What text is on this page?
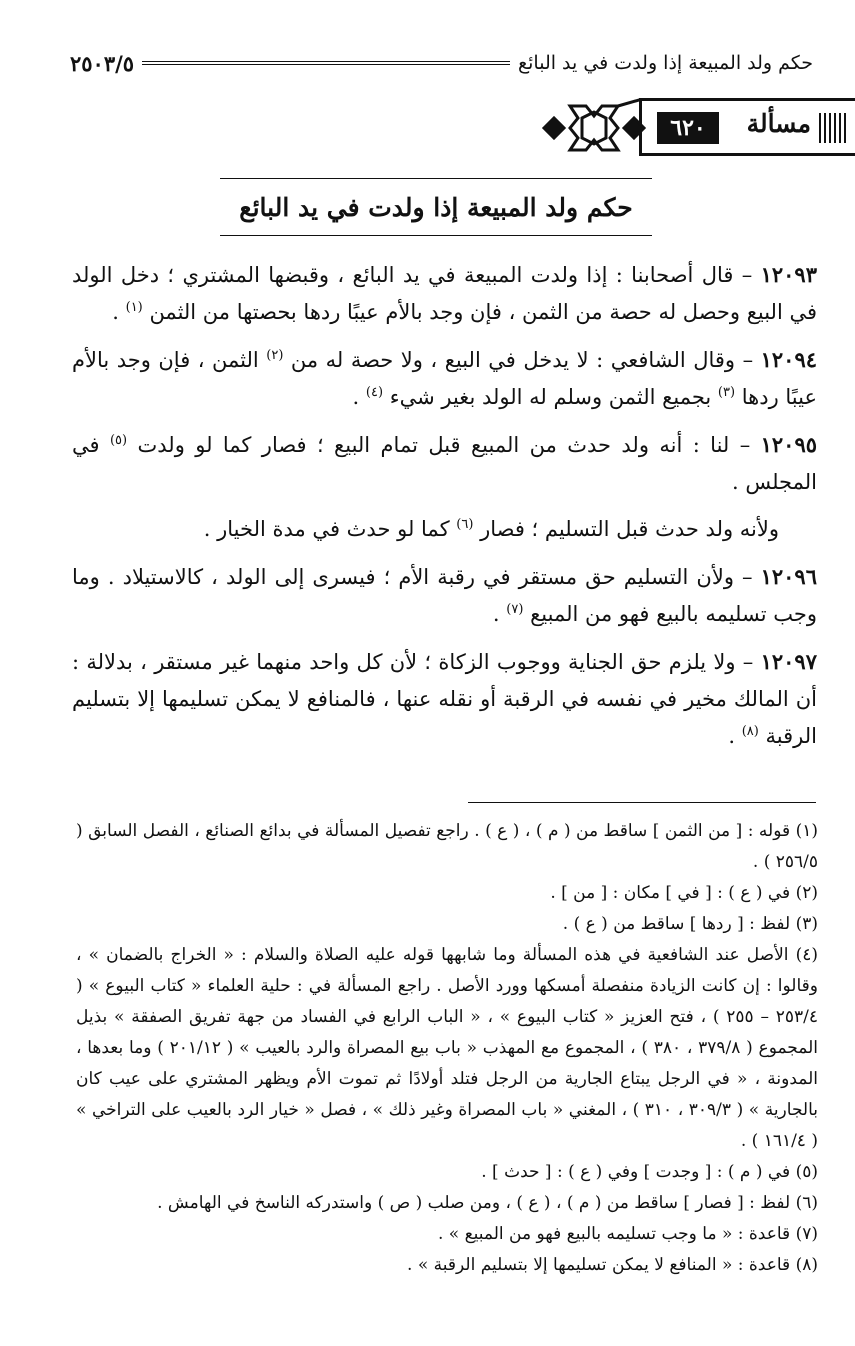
حكم ولد المبيعة إذا ولدت في يد البائع
٢٥٠٣/٥
مسألة
٦٢٠
حكم ولد المبيعة إذا ولدت في يد البائع

١٢٠٩٣ – قال أصحابنا : إذا ولدت المبيعة في يد البائع ، وقبضها المشتري ؛ دخل الولد في البيع وحصل له حصة من الثمن ، فإن وجد بالأم عيبًا ردها بحصتها من الثمن $^{(١)}$ .

١٢٠٩٤ – وقال الشافعي : لا يدخل في البيع ، ولا حصة له من $^{(٢)}$ الثمن ، فإن وجد بالأم عيبًا ردها $^{(٣)}$ بجميع الثمن وسلم له الولد بغير شيء $^{(٤)}$ .

١٢٠٩٥ – لنا : أنه ولد حدث من المبيع قبل تمام البيع ؛ فصار كما لو ولدت $^{(٥)}$ في المجلس .

ولأنه ولد حدث قبل التسليم ؛ فصار $^{(٦)}$ كما لو حدث في مدة الخيار .

١٢٠٩٦ – ولأن التسليم حق مستقر في رقبة الأم ؛ فيسرى إلى الولد ، كالاستيلاد . وما وجب تسليمه بالبيع فهو من المبيع $^{(٧)}$ .

١٢٠٩٧ – ولا يلزم حق الجناية ووجوب الزكاة ؛ لأن كل واحد منهما غير مستقر ، بدلالة : أن المالك مخير في نفسه في الرقبة أو نقله عنها ، فالمنافع لا يمكن تسليمها إلا بتسليم الرقبة $^{(٨)}$ .

(١) قوله : [ من الثمن ] ساقط من ( م ) ، ( ع ) . راجع تفصيل المسألة في بدائع الصنائع ، الفصل السابق ( ٢٥٦/٥ ) .

(٢) في ( ع ) : [ في ] مكان : [ من ] .

(٣) لفظ : [ ردها ] ساقط من ( ع ) .

(٤) الأصل عند الشافعية في هذه المسألة وما شابهها قوله عليه الصلاة والسلام : « الخراج بالضمان » ، وقالوا : إن كانت الزيادة منفصلة أمسكها وورد الأصل . راجع المسألة في : حلية العلماء « كتاب البيوع » ( ٢٥٣/٤ – ٢٥٥ ) ، فتح العزيز « كتاب البيوع » ، « الباب الرابع في الفساد من جهة تفريق الصفقة » بذيل المجموع ( ٣٧٩/٨ ، ٣٨٠ ) ، المجموع مع المهذب « باب بيع المصراة والرد بالعيب » ( ٢٠١/١٢ ) وما بعدها ، المدونة ، « في الرجل يبتاع الجارية من الرجل فتلد أولادًا ثم تموت الأم ويظهر المشتري على عيب كان بالجارية » ( ٣٠٩/٣ ، ٣١٠ ) ، المغني « باب المصراة وغير ذلك » ، فصل « خيار الرد بالعيب على التراخي » ( ١٦١/٤ ) .

(٥) في ( م ) : [ وجدت ] وفي ( ع ) : [ حدث ] .

(٦) لفظ : [ فصار ] ساقط من ( م ) ، ( ع ) ، ومن صلب ( ص ) واستدركه الناسخ في الهامش .

(٧) قاعدة : « ما وجب تسليمه بالبيع فهو من المبيع » .

(٨) قاعدة : « المنافع لا يمكن تسليمها إلا بتسليم الرقبة » .
